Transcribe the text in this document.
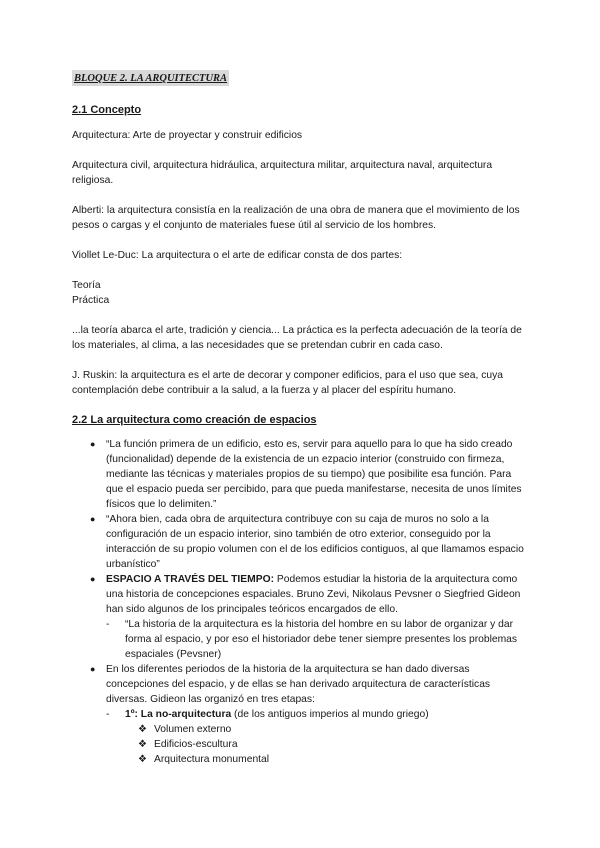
BLOQUE 2. LA ARQUITECTURA
2.1 Concepto

Arquitectura: Arte de proyectar y construir edificios

Arquitectura civil, arquitectura hidráulica, arquitectura militar, arquitectura naval, arquitectura religiosa.

Alberti: la arquitectura consistía en la realización de una obra de manera que el movimiento de los pesos o cargas y el conjunto de materiales fuese útil al servicio de los hombres.

Viollet Le-Duc: La arquitectura o el arte de edificar consta de dos partes:

Teoría

Práctica

...la teoría abarca el arte, tradición y ciencia... La práctica es la perfecta adecuación de la teoría de los materiales, al clima, a las necesidades que se pretendan cubrir en cada caso.

J. Ruskin: la arquitectura es el arte de decorar y componer edificios, para el uso que sea, cuya contemplación debe contribuir a la salud, a la fuerza y al placer del espíritu humano.

2.2 La arquitectura como creación de espacios
● “La función primera de un edificio, esto es, servir para aquello para lo que ha sido creado (funcionalidad) depende de la existencia de un ezpacio interior (construido con firmeza, mediante las técnicas y materiales propios de su tiempo) que posibilite esa función. Para que el espacio pueda ser percibido, para que pueda manifestarse, necesita de unos límites físicos que lo delimiten.”
● “Ahora bien, cada obra de arquitectura contribuye con su caja de muros no solo a la configuración de un espacio interior, sino también de otro exterior, conseguido por la interacción de su propio volumen con el de los edificios contiguos, al que llamamos espacio urbanístico”
● ESPACIO A TRAVÉS DEL TIEMPO: Podemos estudiar la historia de la arquitectura como una historia de concepciones espaciales. Bruno Zevi, Nikolaus Pevsner o Siegfried Gideon han sido algunos de los principales teóricos encargados de ello.
- “La historia de la arquitectura es la historia del hombre en su labor de organizar y dar forma al espacio, y por eso el historiador debe tener siempre presentes los problemas espaciales (Pevsner)
● En los diferentes periodos de la historia de la arquitectura se han dado diversas concepciones del espacio, y de ellas se han derivado arquitectura de características diversas. Gidieon las organizó en tres etapas:
- 1º: La no-arquitectura (de los antiguos imperios al mundo griego)
❖ Volumen externo
❖ Edificios-escultura
❖ Arquitectura monumental
